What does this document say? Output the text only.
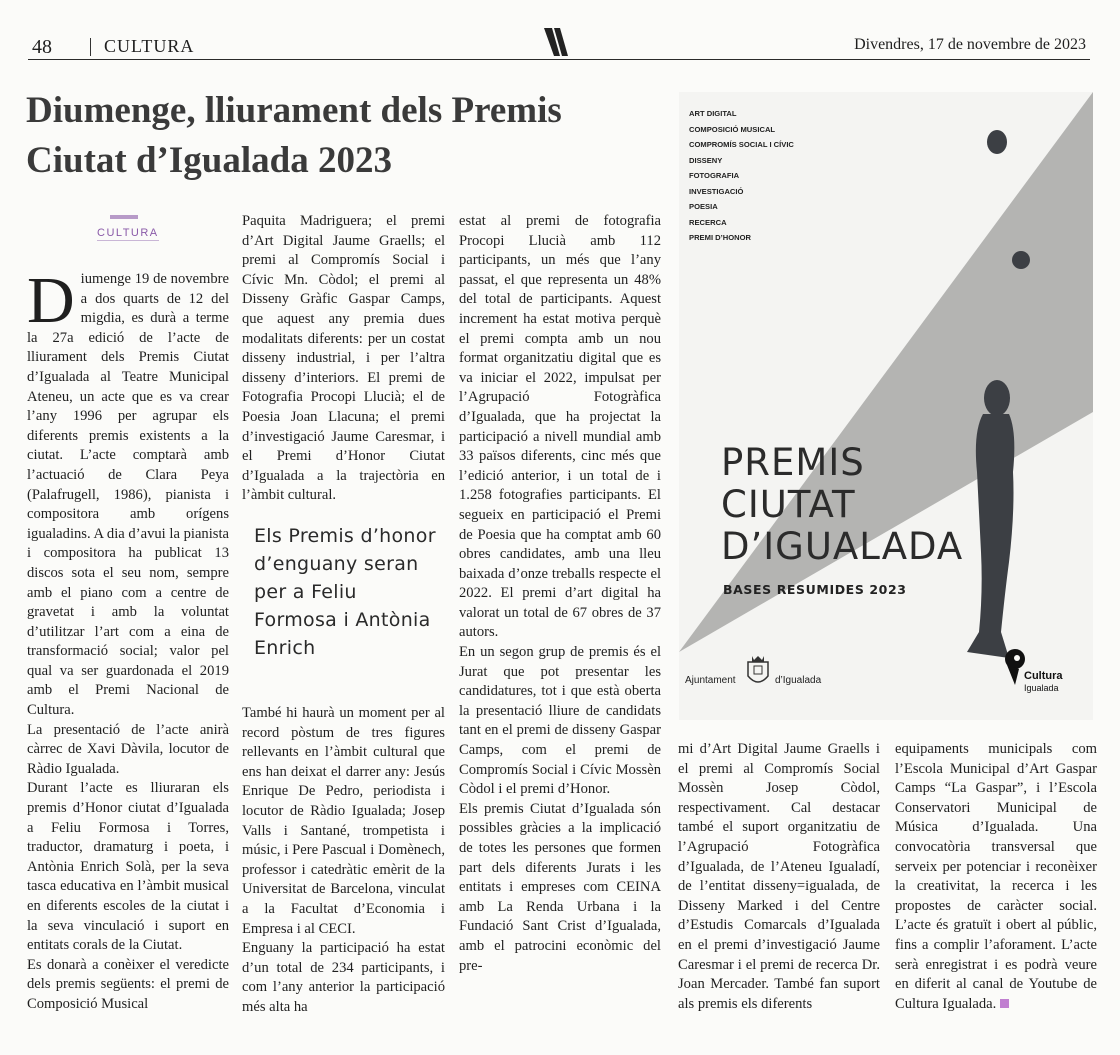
48	CULTURA	Divendres, 17 de novembre de 2023
Diumenge, lliurament dels Premis Ciutat d’Igualada 2023
CULTURA

Diumenge 19 de novembre a dos quarts de 12 del migdia, es durà a terme la 27a edició de l’acte de lliurament dels Premis Ciutat d’Igualada al Teatre Municipal Ateneu, un acte que es va crear l’any 1996 per agrupar els diferents premis existents a la ciutat. L’acte comptarà amb l’actuació de Clara Peya (Palafrugell, 1986), pianista i compositora amb orígens igualadins. A dia d’avui la pianista i compositora ha publicat 13 discos sota el seu nom, sempre amb el piano com a centre de gravetat i amb la voluntat d’utilitzar l’art com a eina de transformació social; valor pel qual va ser guardonada el 2019 amb el Premi Nacional de Cultura.

La presentació de l’acte anirà càrrec de Xavi Dàvila, locutor de Ràdio Igualada.

Durant l’acte es lliuraran els premis d’Honor ciutat d’Igualada a Feliu Formosa i Torres, traductor, dramaturg i poeta, i Antònia Enrich Solà, per la seva tasca educativa en l’àmbit musical en diferents escoles de la ciutat i la seva vinculació i suport en entitats corals de la Ciutat.

Es donarà a conèixer el veredicte dels premis següents: el premi de Composició Musical

Paquita Madriguera; el premi d’Art Digital Jaume Graells; el premi al Compromís Social i Cívic Mn. Còdol; el premi al Disseny Gràfic Gaspar Camps, que aquest any premia dues modalitats diferents: per un costat disseny industrial, i per l’altra disseny d’interiors. El premi de Fotografia Procopi Llucià; el de Poesia Joan Llacuna; el premi d’investigació Jaume Caresmar, i el Premi d’Honor Ciutat d’Igualada a la trajectòria en l’àmbit cultural.

Els Premis d’honor d’enguany seran per a Feliu Formosa i Antònia Enrich

També hi haurà un moment per al record pòstum de tres figures rellevants en l’àmbit cultural que ens han deixat el darrer any: Jesús Enrique De Pedro, periodista i locutor de Ràdio Igualada; Josep Valls i Santané, trompetista i músic, i Pere Pascual i Domènech, professor i catedràtic emèrit de la Universitat de Barcelona, vinculat a la Facultat d’Economia i Empresa i al CECI.

Enguany la participació ha estat d’un total de 234 participants, i com l’any anterior la participació més alta ha

estat al premi de fotografia Procopi Llucià amb 112 participants, un més que l’any passat, el que representa un 48% del total de participants. Aquest increment ha estat motiva perquè el premi compta amb un nou format organitzatiu digital que es va iniciar el 2022, impulsat per l’Agrupació Fotogràfica d’Igualada, que ha projectat la participació a nivell mundial amb 33 països diferents, cinc més que l’edició anterior, i un total de i 1.258 fotografies participants. El segueix en participació el Premi de Poesia que ha comptat amb 60 obres candidates, amb una lleu baixada d’onze treballs respecte el 2022. El premi d’art digital ha valorat un total de 67 obres de 37 autors.

En un segon grup de premis és el Jurat que pot presentar les candidatures, tot i que està oberta la presentació lliure de candidats tant en el premi de disseny Gaspar Camps, com el premi de Compromís Social i Cívic Mossèn Còdol i el premi d’Honor.

Els premis Ciutat d’Igualada són possibles gràcies a la implicació de totes les persones que formen part dels diferents Jurats i les entitats i empreses com CEINA amb La Renda Urbana i la Fundació Sant Crist d’Igualada, amb el patrocini econòmic del pre-

mi d’Art Digital Jaume Graells i el premi al Compromís Social Mossèn Josep Còdol, respectivament. Cal destacar també el suport organitzatiu de l’Agrupació Fotogràfica d’Igualada, de l’Ateneu Igualadí, de l’entitat disseny=igualada, de Disseny Marked i del Centre d’Estudis Comarcals d’Igualada en el premi d’investigació Jaume Caresmar i el premi de recerca Dr. Joan Mercader. També fan suport als premis els diferents

equipaments municipals com l’Escola Municipal d’Art Gaspar Camps “La Gaspar”, i l’Escola Conservatori Municipal de Música d’Igualada. Una convocatòria transversal que serveix per potenciar i reconèixer la creativitat, la recerca i les propostes de caràcter social. L’acte és gratuït i obert al públic, fins a complir l’aforament. L’acte serà enregistrat i es podrà veure en diferit al canal de Youtube de Cultura Igualada.

ART DIGITAL
COMPOSICIÓ MUSICAL
COMPROMÍS SOCIAL I CÍVIC
DISSENY
FOTOGRAFIA
INVESTIGACIÓ
POESIA
RECERCA
PREMI D’HONOR
PREMIS
CIUTAT
D’IGUALADA
BASES RESUMIDES 2023
Ajuntament	d’Igualada	Cultura
Igualada
